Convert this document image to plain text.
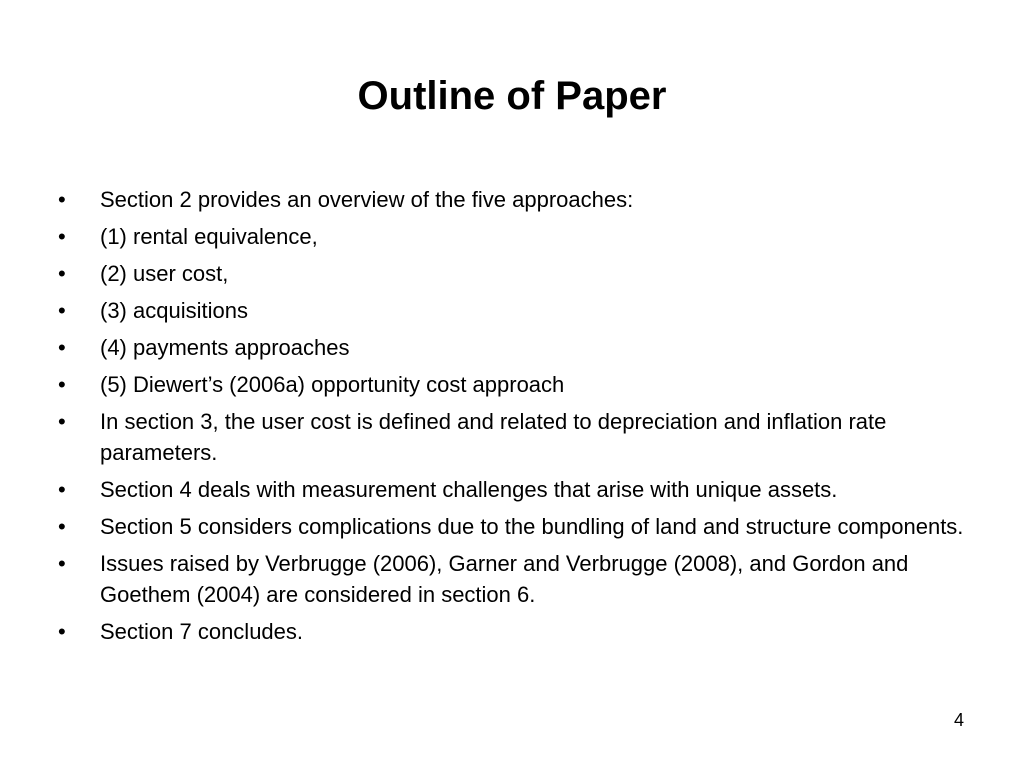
Outline of Paper
•	Section 2 provides an overview of the five approaches:
•	(1) rental equivalence,
•	(2) user cost,
•	(3) acquisitions
•	(4) payments approaches
•	(5) Diewert’s (2006a) opportunity cost approach
•	In section 3, the user cost is defined and related to depreciation and inflation rate parameters.
•	Section 4 deals with measurement challenges that arise with unique assets.
•	Section 5 considers complications due to the bundling of land and structure components.
•	Issues raised by Verbrugge (2006), Garner and Verbrugge (2008), and Gordon and Goethem (2004) are considered in section 6.
•	Section 7 concludes.
4
